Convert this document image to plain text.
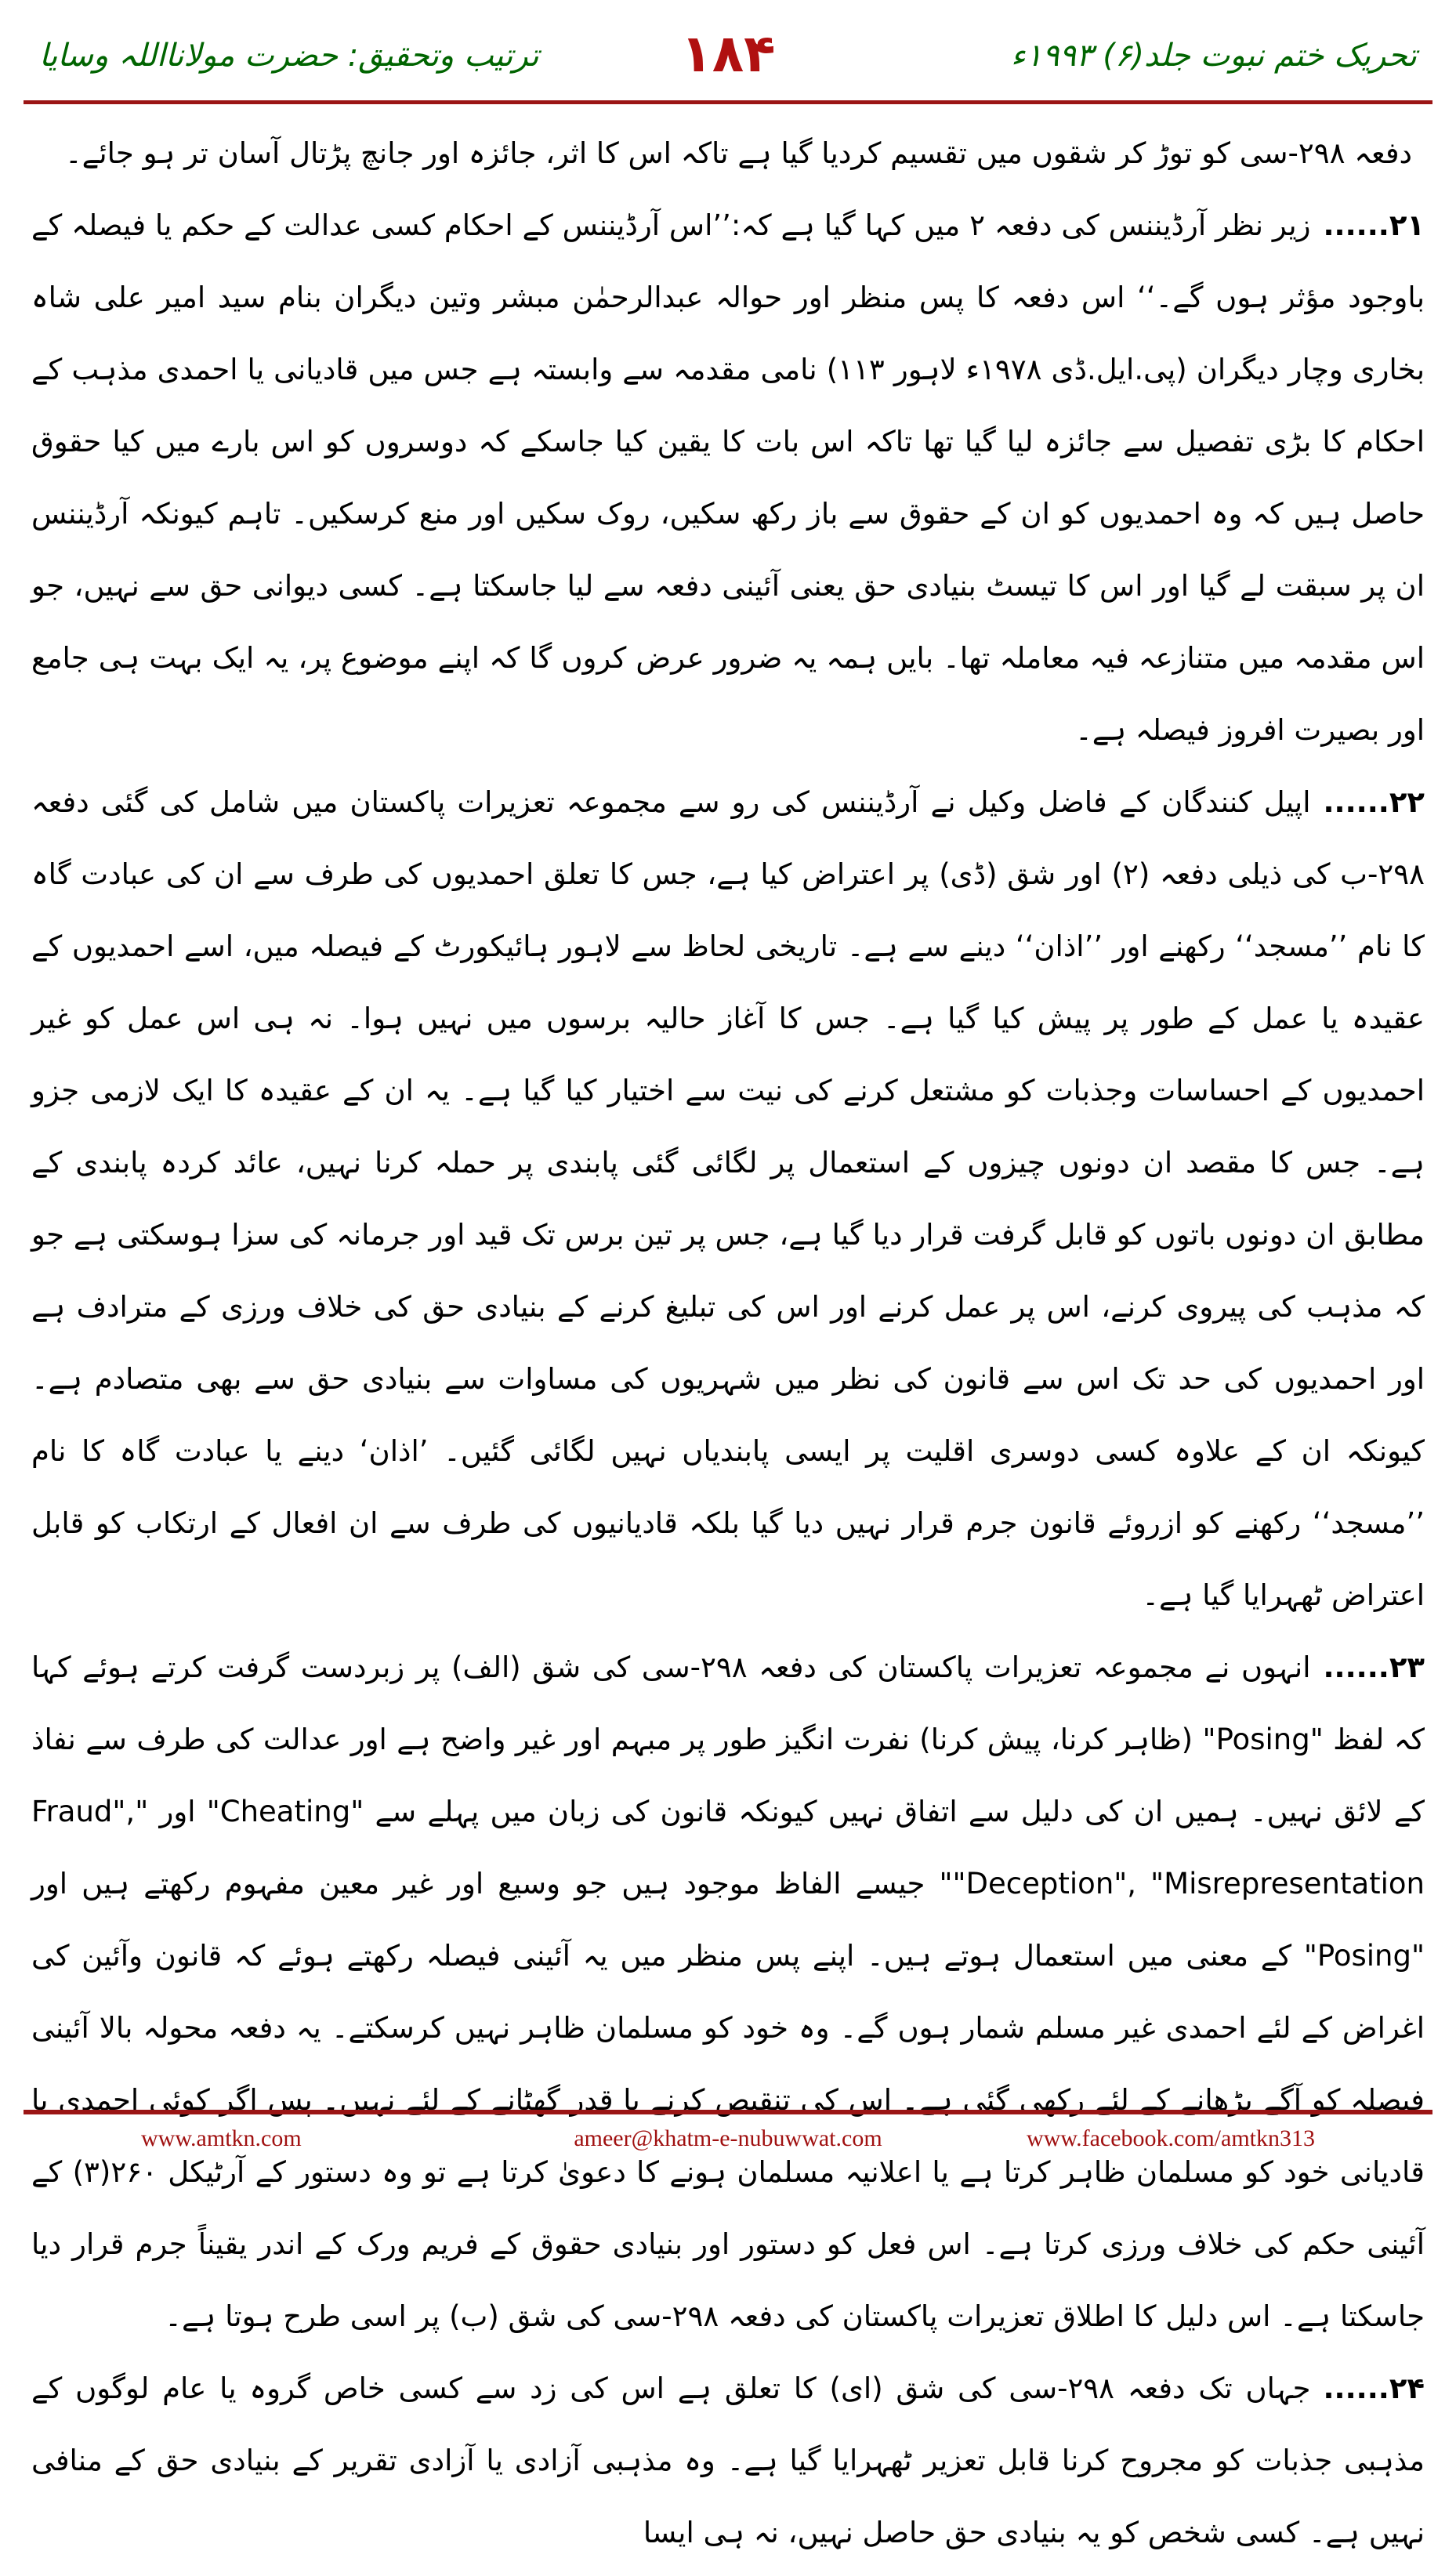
تحریک ختم نبوت جلد(۶) ۱۹۹۳ء
۱۸۴
ترتیب وتحقیق: حضرت مولانااللہ وسایا

دفعہ ۲۹۸-سی کو توڑ کر شقوں میں تقسیم کردیا گیا ہے تاکہ اس کا اثر، جائزہ اور جانچ پڑتال آسان تر ہو جائے۔

۲۱......زیر نظر آرڈیننس کی دفعہ ۲ میں کہا گیا ہے کہ:’’اس آرڈیننس کے احکام کسی عدالت کے حکم یا فیصلہ کے باوجود مؤثر ہوں گے۔‘‘ اس دفعہ کا پس منظر اور حوالہ عبدالرحمٰن مبشر وتین دیگران بنام سید امیر علی شاہ بخاری وچار دیگران (پی.ایل.ڈی ۱۹۷۸ء لاہور ۱۱۳) نامی مقدمہ سے وابستہ ہے جس میں قادیانی یا احمدی مذہب کے احکام کا بڑی تفصیل سے جائزہ لیا گیا تھا تاکہ اس بات کا یقین کیا جاسکے کہ دوسروں کو اس بارے میں کیا حقوق حاصل ہیں کہ وہ احمدیوں کو ان کے حقوق سے باز رکھ سکیں، روک سکیں اور منع کرسکیں۔ تاہم کیونکہ آرڈیننس ان پر سبقت لے گیا اور اس کا تیسٹ بنیادی حق یعنی آئینی دفعہ سے لیا جاسکتا ہے۔ کسی دیوانی حق سے نہیں، جو اس مقدمہ میں متنازعہ فیہ معاملہ تھا۔ بایں ہمہ یہ ضرور عرض کروں گا کہ اپنے موضوع پر، یہ ایک بہت ہی جامع اور بصیرت افروز فیصلہ ہے۔

۲۲......اپیل کنندگان کے فاضل وکیل نے آرڈیننس کی رو سے مجموعہ تعزیرات پاکستان میں شامل کی گئی دفعہ ۲۹۸-ب کی ذیلی دفعہ (۲) اور شق (ڈی) پر اعتراض کیا ہے، جس کا تعلق احمدیوں کی طرف سے ان کی عبادت گاہ کا نام ’’مسجد‘‘ رکھنے اور ’’اذان‘‘ دینے سے ہے۔ تاریخی لحاظ سے لاہور ہائیکورٹ کے فیصلہ میں، اسے احمدیوں کے عقیدہ یا عمل کے طور پر پیش کیا گیا ہے۔ جس کا آغاز حالیہ برسوں میں نہیں ہوا۔ نہ ہی اس عمل کو غیر احمدیوں کے احساسات وجذبات کو مشتعل کرنے کی نیت سے اختیار کیا گیا ہے۔ یہ ان کے عقیدہ کا ایک لازمی جزو ہے۔ جس کا مقصد ان دونوں چیزوں کے استعمال پر لگائی گئی پابندی پر حملہ کرنا نہیں، عائد کردہ پابندی کے مطابق ان دونوں باتوں کو قابل گرفت قرار دیا گیا ہے، جس پر تین برس تک قید اور جرمانہ کی سزا ہوسکتی ہے جو کہ مذہب کی پیروی کرنے، اس پر عمل کرنے اور اس کی تبلیغ کرنے کے بنیادی حق کی خلاف ورزی کے مترادف ہے اور احمدیوں کی حد تک اس سے قانون کی نظر میں شہریوں کی مساوات سے بنیادی حق سے بھی متصادم ہے۔ کیونکہ ان کے علاوہ کسی دوسری اقلیت پر ایسی پابندیاں نہیں لگائی گئیں۔ ’اذان‘ دینے یا عبادت گاہ کا نام ’’مسجد‘‘ رکھنے کو ازروئے قانون جرم قرار نہیں دیا گیا بلکہ قادیانیوں کی طرف سے ان افعال کے ارتکاب کو قابل اعتراض ٹھہرایا گیا ہے۔

۲۳......انہوں نے مجموعہ تعزیرات پاکستان کی دفعہ ۲۹۸-سی کی شق (الف) پر زبردست گرفت کرتے ہوئے کہا کہ لفظ "Posing" (ظاہر کرنا، پیش کرنا) نفرت انگیز طور پر مبہم اور غیر واضح ہے اور عدالت کی طرف سے نفاذ کے لائق نہیں۔ ہمیں ان کی دلیل سے اتفاق نہیں کیونکہ قانون کی زبان میں پہلے سے "Cheating" اور "Fraud", "Deception", "Misrepresentation" جیسے الفاظ موجود ہیں جو وسیع اور غیر معین مفہوم رکھتے ہیں اور "Posing" کے معنی میں استعمال ہوتے ہیں۔ اپنے پس منظر میں یہ آئینی فیصلہ رکھتے ہوئے کہ قانون وآئین کی اغراض کے لئے احمدی غیر مسلم شمار ہوں گے۔ وہ خود کو مسلمان ظاہر نہیں کرسکتے۔ یہ دفعہ محولہ بالا آئینی فیصلہ کو آگے بڑھانے کے لئے رکھی گئی ہے۔ اس کی تنقیص کرنے یا قدر گھٹانے کے لئے نہیں۔ پس اگر کوئی احمدی یا قادیانی خود کو مسلمان ظاہر کرتا ہے یا اعلانیہ مسلمان ہونے کا دعویٰ کرتا ہے تو وہ دستور کے آرٹیکل ۲۶۰(۳) کے آئینی حکم کی خلاف ورزی کرتا ہے۔ اس فعل کو دستور اور بنیادی حقوق کے فریم ورک کے اندر یقیناً جرم قرار دیا جاسکتا ہے۔ اس دلیل کا اطلاق تعزیرات پاکستان کی دفعہ ۲۹۸-سی کی شق (ب) پر اسی طرح ہوتا ہے۔

۲۴......جہاں تک دفعہ ۲۹۸-سی کی شق (ای) کا تعلق ہے اس کی زد سے کسی خاص گروہ یا عام لوگوں کے مذہبی جذبات کو مجروح کرنا قابل تعزیر ٹھہرایا گیا ہے۔ وہ مذہبی آزادی یا آزادی تقریر کے بنیادی حق کے منافی نہیں ہے۔ کسی شخص کو یہ بنیادی حق حاصل نہیں، نہ ہی ایسا

www.amtkn.com	ameer@khatm-e-nubuwwat.com	www.facebook.com/amtkn313
